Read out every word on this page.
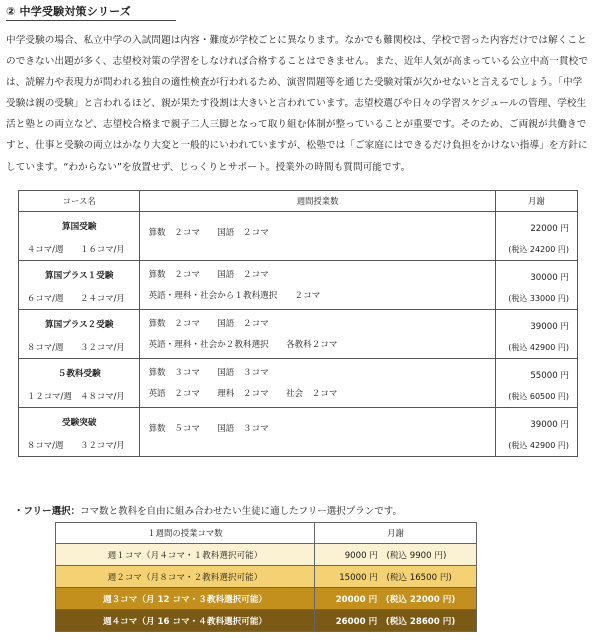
② 中学受験対策シリーズ

中学受験の場合、私立中学の入試問題は内容・難度が学校ごとに異なります。なかでも難関校は、学校で習った内容だけでは解くことのできない出題が多く、志望校対策の学習をしなければ合格することはできません。また、近年人気が高まっている公立中高一貫校では、読解力や表現力が問われる独自の適性検査が行われるため、演習問題等を通じた受験対策が欠かせないと言えるでしょう。「中学受験は親の受験」と言われるほど、親が果たす役割は大きいと言われています。志望校選びや日々の学習スケジュールの管理、学校生活と塾との両立など、志望校合格まで親子二人三脚となって取り組む体制が整っていることが重要です。そのため、ご両親が共働きですと、仕事と受験の両立はかなり大変と一般的にいわれていますが、松塾では「ご家庭にはできるだけ負担をかけない指導」を方針にしています。“わからない”を放置せず、じっくりとサポート。授業外の時間も質問可能です。

コース名	週間授業数	月謝

算国受験
４コマ/週　　１６コマ/月	算数　２コマ　　国語　２コマ	22000 円
(税込 24200 円)

算国プラス１受験
６コマ/週　　２４コマ/月	算数　２コマ　　国語　２コマ
英語・理科・社会から１教科選択　　２コマ	30000 円
(税込 33000 円)

算国プラス２受験
８コマ/週　　３２コマ/月	算数　２コマ　　国語　２コマ
英語・理科・社会か２教科選択　　各教科２コマ	39000 円
(税込 42900 円)

５教科受験
１２コマ/週　４８コマ/月	算数　３コマ　　国語　３コマ
英語　２コマ　　理科　２コマ　　社会　２コマ	55000 円
(税込 60500 円)

受験突破
８コマ/週　　３２コマ/月	算数　５コマ　　国語　３コマ	39000 円
(税込 42900 円)
・フリー選択：コマ数と教科を自由に組み合わせたい生徒に適したフリー選択プランです。
１週間の授業コマ数	月謝
週１コマ（月４コマ・１教科選択可能）	9000 円　(税込 9900 円)
週２コマ（月８コマ・２教科選択可能）	15000 円　(税込 16500 円)
週３コマ（月 12 コマ・３教科選択可能）	20000 円　(税込 22000 円)
週４コマ（月 16 コマ・４教科選択可能）	26000 円　(税込 28600 円)
